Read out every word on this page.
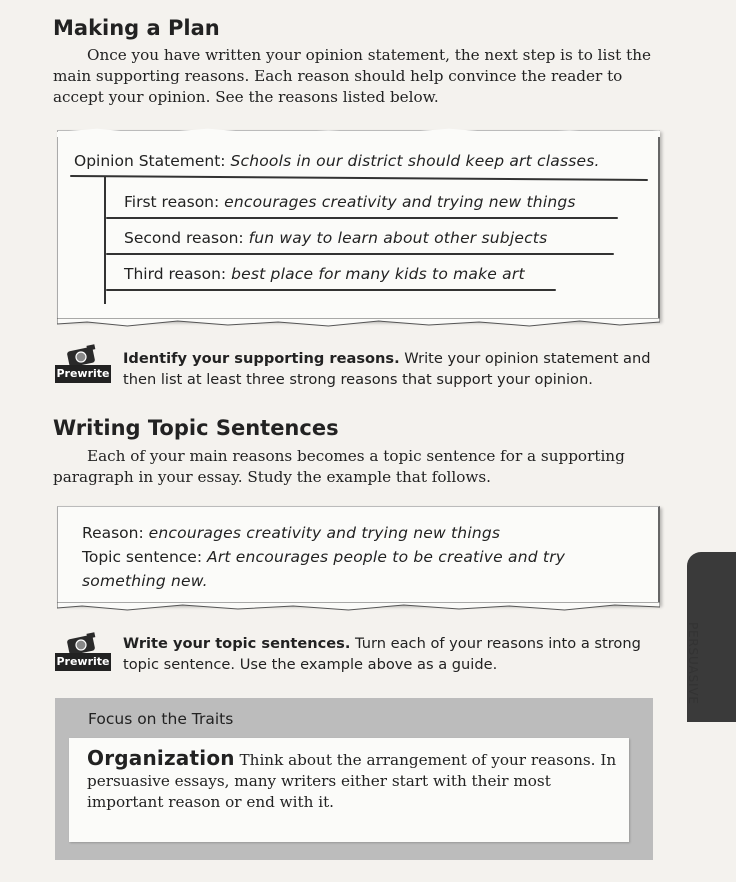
Making a Plan

Once you have written your opinion statement, the next step is to list the main supporting reasons. Each reason should help convince the reader to accept your opinion. See the reasons listed below.

Opinion Statement: Schools in our district should keep art classes.

First reason: encourages creativity and trying new things

Second reason: fun way to learn about other subjects

Third reason: best place for many kids to make art

Prewrite

Identify your supporting reasons. Write your opinion statement and then list at least three strong reasons that support your opinion.

Writing Topic Sentences

Each of your main reasons becomes a topic sentence for a supporting paragraph in your essay. Study the example that follows.

Reason: encourages creativity and trying new things

Topic sentence: Art encourages people to be creative and try

something new.

Prewrite

Write your topic sentences. Turn each of your reasons into a strong topic sentence. Use the example above as a guide.	PERSUASIVE

Focus on the Traits

Organization Think about the arrangement of your reasons. In persuasive essays, many writers either start with their most important reason or end with it.
